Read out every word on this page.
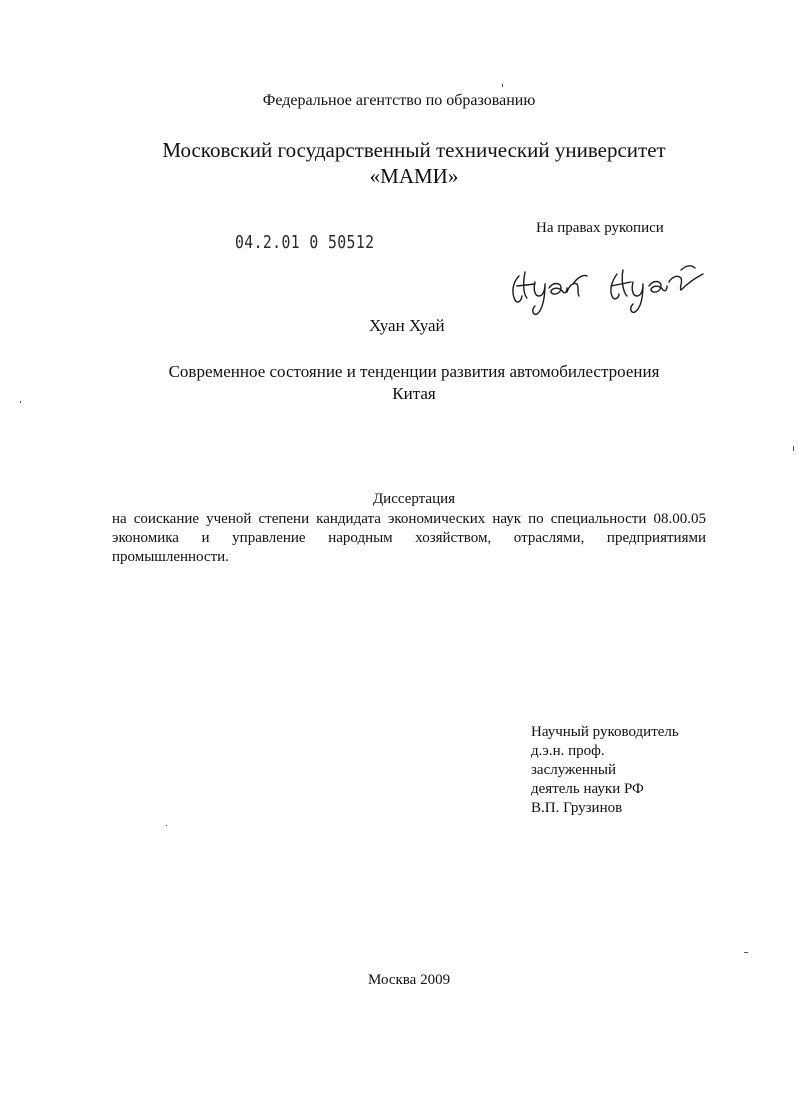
Федеральное агентство по образованию
Московский государственный технический университет
«МАМИ»
На правах рукописи
04.2.01 0 50512
Хуан Хуай
Современное состояние и тенденции развития автомобилестроения
Китая
Диссертация
на соискание ученой степени кандидата экономических наук по специальности 08.00.05 экономика и управление народным хозяйством, отраслями, предприятиями промышленности.
Научный руководитель
д.э.н. проф.
заслуженный
деятель науки РФ
В.П. Грузинов
Москва 2009
